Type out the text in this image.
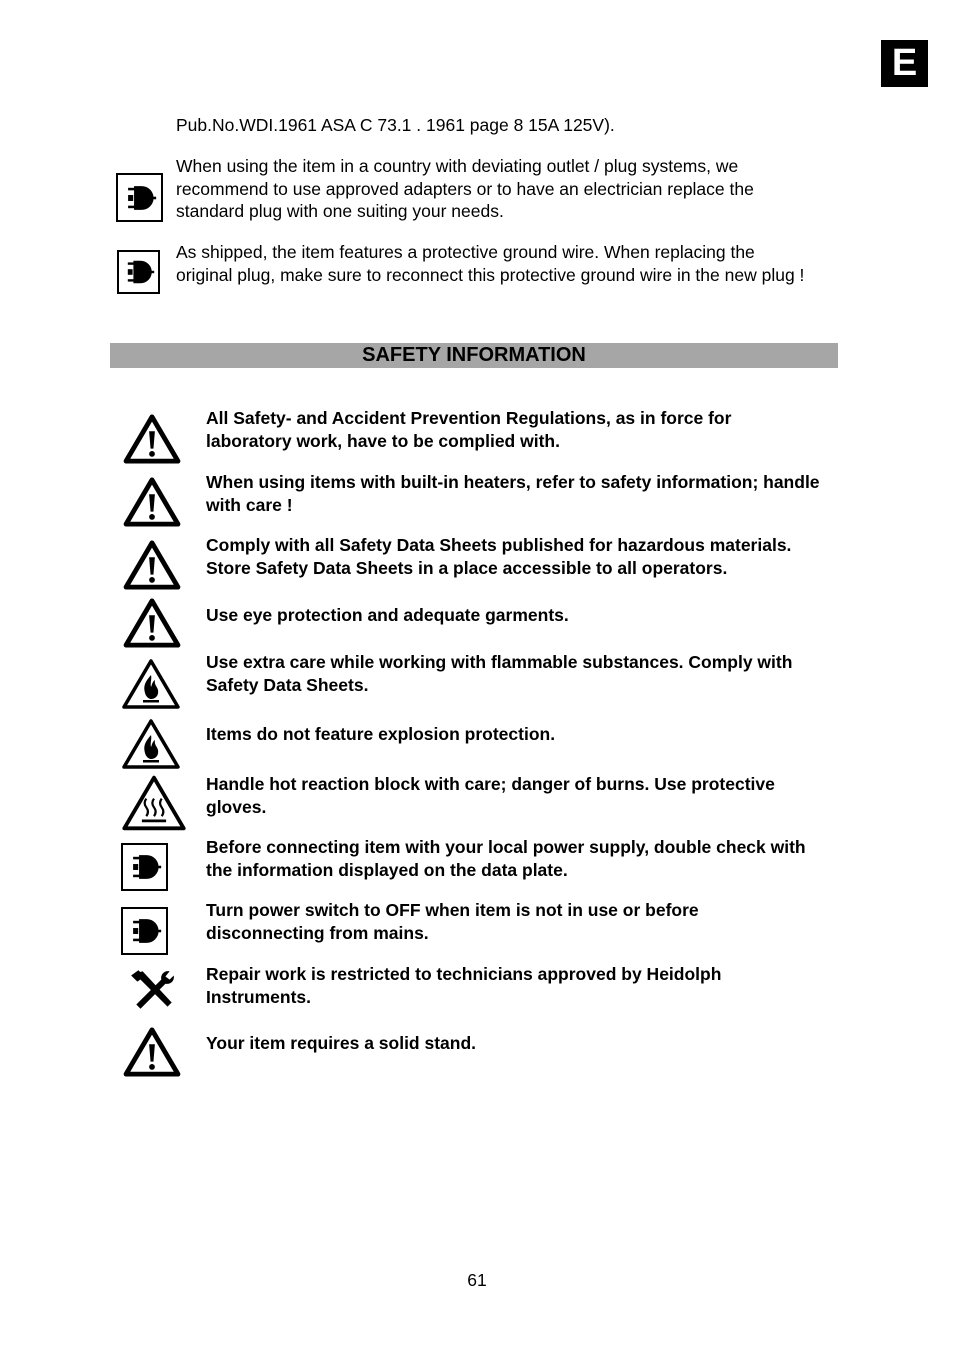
E
Pub.No.WDI.1961 ASA C 73.1 . 1961 page 8 15A 125V).
When using the item in a country with deviating outlet / plug systems, we
recommend to use approved adapters or to have an electrician replace the
standard plug with one suiting your needs.
As shipped, the item features a protective ground wire. When replacing the
original plug, make sure to reconnect this protective ground wire in the new plug !
SAFETY INFORMATION
All Safety- and Accident Prevention Regulations, as in force for
laboratory work, have to be complied with.
When using items with built-in heaters, refer to safety information; handle
with care !
Comply with all Safety Data Sheets published for hazardous materials.
Store Safety Data Sheets in a place accessible to all operators.
Use eye protection and adequate garments.
Use extra care while working with flammable substances. Comply with
Safety Data Sheets.
Items do not feature explosion protection.
Handle hot reaction block with care; danger of burns. Use protective
gloves.
Before connecting item with your local power supply, double check with
the information displayed on the data plate.
Turn power switch to OFF when item is not in use or before
disconnecting from mains.
Repair work is restricted to technicians approved by Heidolph
Instruments.
Your item requires a solid stand.
61
